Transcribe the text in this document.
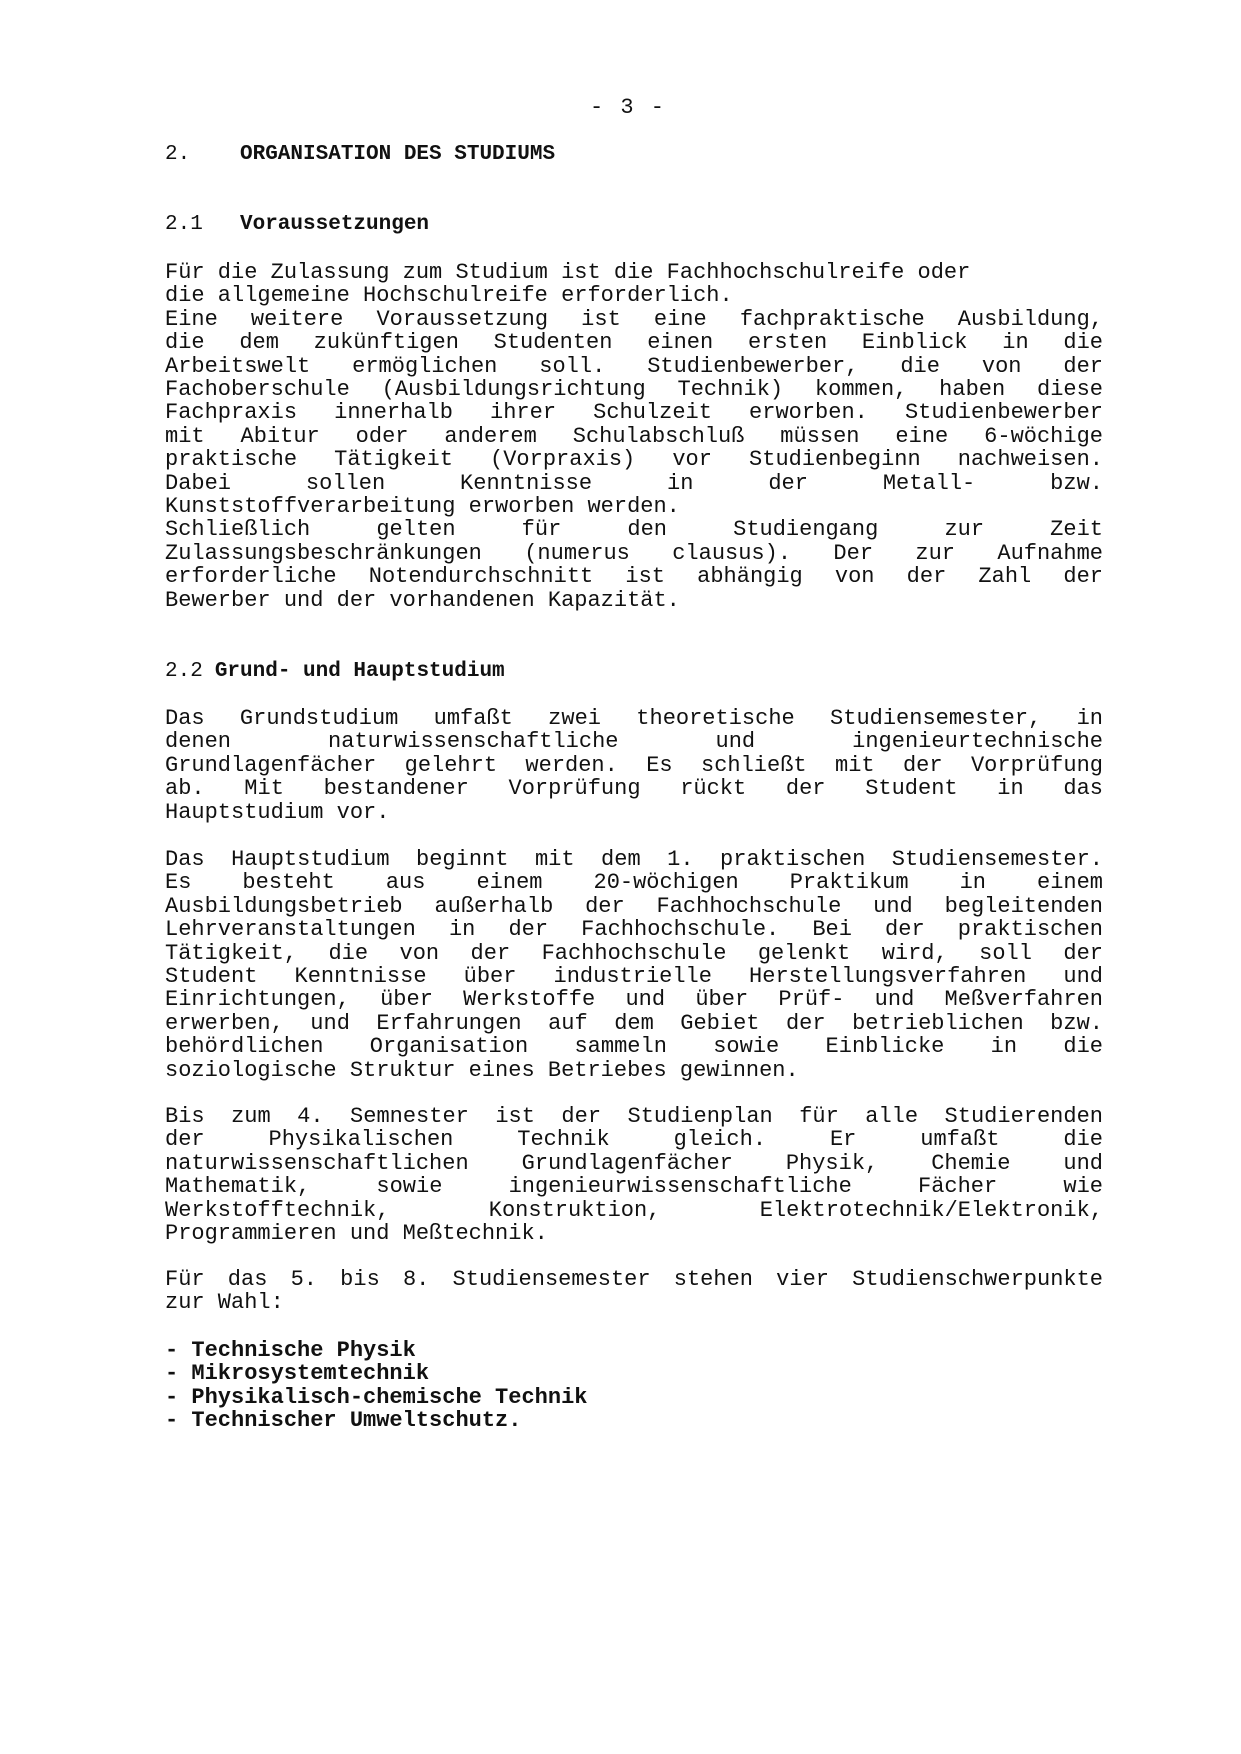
- 3 -
2. ORGANISATION DES STUDIUMS
2.1 Voraussetzungen
Für die Zulassung zum Studium ist die Fachhochschulreife oder
die allgemeine Hochschulreife erforderlich.
Eine weitere Voraussetzung ist eine fachpraktische Ausbildung,
die dem zukünftigen Studenten einen ersten Einblick in die
Arbeitswelt ermöglichen soll. Studienbewerber, die von der
Fachoberschule (Ausbildungsrichtung Technik) kommen, haben diese
Fachpraxis innerhalb ihrer Schulzeit erworben. Studienbewerber
mit Abitur oder anderem Schulabschluß müssen eine 6-wöchige
praktische Tätigkeit (Vorpraxis) vor Studienbeginn nachweisen.
Dabei sollen Kenntnisse in der Metall- bzw.
Kunststoffverarbeitung erworben werden.
Schließlich gelten für den Studiengang zur Zeit
Zulassungsbeschränkungen (numerus clausus). Der zur Aufnahme
erforderliche Notendurchschnitt ist abhängig von der Zahl der
Bewerber und der vorhandenen Kapazität.
2.2 Grund- und Hauptstudium
Das Grundstudium umfaßt zwei theoretische Studiensemester, in
denen naturwissenschaftliche und ingenieurtechnische
Grundlagenfächer gelehrt werden. Es schließt mit der Vorprüfung
ab. Mit bestandener Vorprüfung rückt der Student in das
Hauptstudium vor.
Das Hauptstudium beginnt mit dem 1. praktischen Studiensemester.
Es besteht aus einem 20-wöchigen Praktikum in einem
Ausbildungsbetrieb außerhalb der Fachhochschule und begleitenden
Lehrveranstaltungen in der Fachhochschule. Bei der praktischen
Tätigkeit, die von der Fachhochschule gelenkt wird, soll der
Student Kenntnisse über industrielle Herstellungsverfahren und
Einrichtungen, über Werkstoffe und über Prüf- und Meßverfahren
erwerben, und Erfahrungen auf dem Gebiet der betrieblichen bzw.
behördlichen Organisation sammeln sowie Einblicke in die
soziologische Struktur eines Betriebes gewinnen.
Bis zum 4. Semnester ist der Studienplan für alle Studierenden
der Physikalischen Technik gleich. Er umfaßt die
naturwissenschaftlichen Grundlagenfächer Physik, Chemie und
Mathematik, sowie ingenieurwissenschaftliche Fächer wie
Werkstofftechnik, Konstruktion, Elektrotechnik/Elektronik,
Programmieren und Meßtechnik.
Für das 5. bis 8. Studiensemester stehen vier Studienschwerpunkte
zur Wahl:
- Technische Physik
- Mikrosystemtechnik
- Physikalisch-chemische Technik
- Technischer Umweltschutz.
